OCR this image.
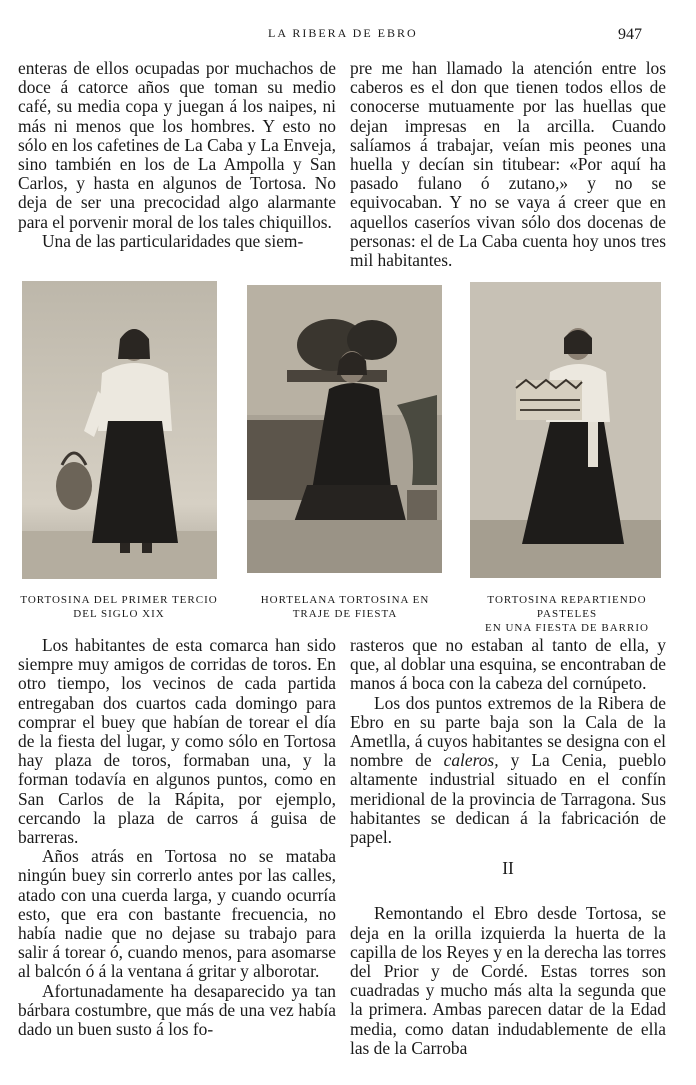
LA RIBERA DE EBRO	947

enteras de ellos ocupadas por muchachos de doce á catorce años que toman su medio café, su media copa y juegan á los naipes, ni más ni menos que los hombres. Y esto no sólo en los cafetines de La Caba y La Enveja, sino también en los de La Ampolla y San Carlos, y hasta en algunos de Tortosa. No deja de ser una precocidad algo alarmante para el porvenir moral de los tales chiquillos.

Una de las particularidades que siem-

pre me han llamado la atención entre los caberos es el don que tienen todos ellos de conocerse mutuamente por las huellas que dejan impresas en la arcilla. Cuando salíamos á trabajar, veían mis peones una huella y decían sin titubear: «Por aquí ha pasado fulano ó zutano,» y no se equivocaban. Y no se vaya á creer que en aquellos caseríos vivan sólo dos docenas de personas: el de La Caba cuenta hoy unos tres mil habitantes.

TORTOSINA DEL PRIMER TERCIO
DEL SIGLO XIX
HORTELANA TORTOSINA EN
TRAJE DE FIESTA
TORTOSINA REPARTIENDO PASTELES
EN UNA FIESTA DE BARRIO

Los habitantes de esta comarca han sido siempre muy amigos de corridas de toros. En otro tiempo, los vecinos de cada partida entregaban dos cuartos cada domingo para comprar el buey que habían de torear el día de la fiesta del lugar, y como sólo en Tortosa hay plaza de toros, formaban una, y la forman todavía en algunos puntos, como en San Carlos de la Rápita, por ejemplo, cercando la plaza de carros á guisa de barreras.

Años atrás en Tortosa no se mataba ningún buey sin correrlo antes por las calles, atado con una cuerda larga, y cuando ocurría esto, que era con bastante frecuencia, no había nadie que no dejase su trabajo para salir á torear ó, cuando menos, para asomarse al balcón ó á la ventana á gritar y alborotar.

Afortunadamente ha desaparecido ya tan bárbara costumbre, que más de una vez había dado un buen susto á los fo-

rasteros que no estaban al tanto de ella, y que, al doblar una esquina, se encontraban de manos á boca con la cabeza del cornúpeto.

Los dos puntos extremos de la Ribera de Ebro en su parte baja son la Cala de la Ametlla, á cuyos habitantes se designa con el nombre de caleros, y La Cenia, pueblo altamente industrial situado en el confín meridional de la provincia de Tarragona. Sus habitantes se dedican á la fabricación de papel.

II

Remontando el Ebro desde Tortosa, se deja en la orilla izquierda la huerta de la capilla de los Reyes y en la derecha las torres del Prior y de Cordé. Estas torres son cuadradas y mucho más alta la segunda que la primera. Ambas parecen datar de la Edad media, como datan indudablemente de ella las de la Carroba
